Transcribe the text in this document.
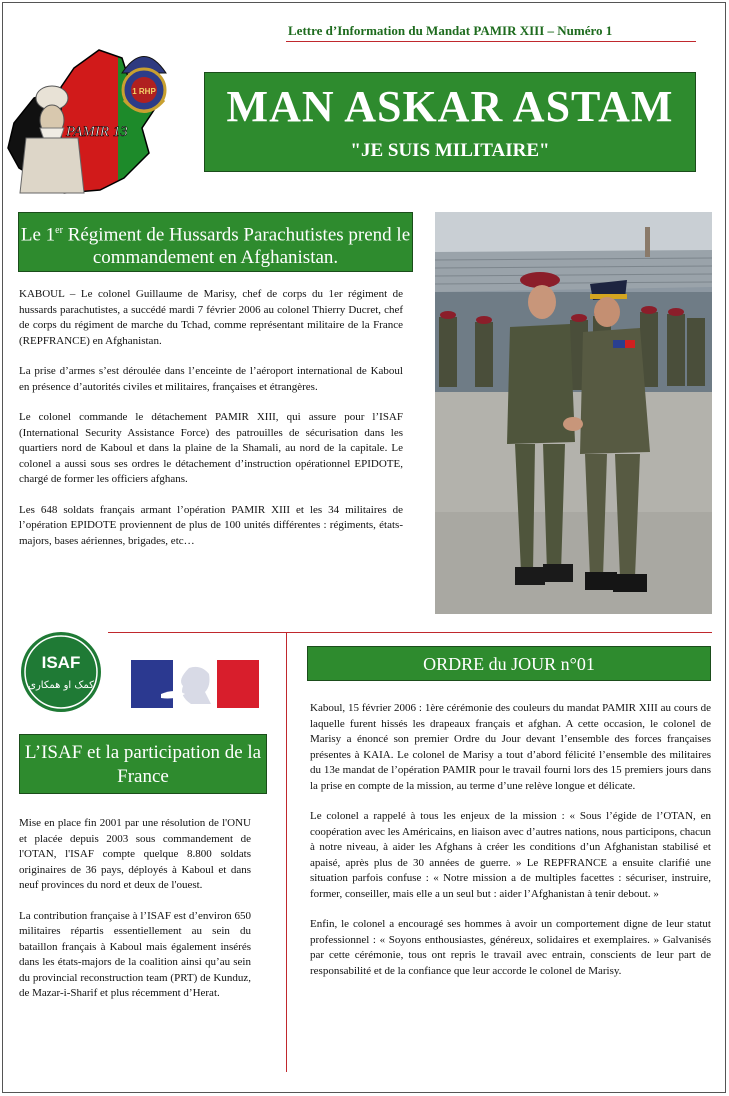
Lettre d’Information du Mandat PAMIR XIII – Numéro 1
PAMIR 13
1 RHP	MAN ASKAR ASTAM
"JE SUIS MILITAIRE"
Le 1er Régiment de Hussards Parachutistes prend le commandement en Afghanistan.

KABOUL – Le colonel Guillaume de Marisy, chef de corps du 1er régiment de hussards parachutistes, a succédé mardi 7 février 2006 au colonel Thierry Ducret, chef de corps du régiment de marche du Tchad, comme représentant militaire de la France (REPFRANCE) en Afghanistan.

La prise d’armes s’est déroulée dans l’enceinte de l’aéroport international de Kaboul en présence d’autorités civiles et militaires, françaises et étrangères.

Le colonel commande le détachement PAMIR XIII, qui assure pour l’ISAF (International Security Assistance Force) des patrouilles de sécurisation dans les quartiers nord de Kaboul et dans la plaine de la Shamali, au nord de la capitale. Le colonel a aussi sous ses ordres le détachement d’instruction opérationnel EPIDOTE, chargé de former les officiers afghans.

Les 648 soldats français armant l’opération PAMIR XIII et les 34 militaires de l’opération EPIDOTE proviennent de plus de 100 unités différentes : régiments, états-majors, bases aériennes, brigades, etc…

ISAF
کمک او همکاری
L’ISAF et la participation de la France

Mise en place fin 2001 par une résolution de l'ONU et placée depuis 2003 sous commandement de l'OTAN, l'ISAF compte quelque 8.800 soldats originaires de 36 pays, déployés à Kaboul et dans neuf provinces du nord et deux de l'ouest.

La contribution française à l’ISAF est d’environ 650 militaires répartis essentiellement au sein du bataillon français à Kaboul mais également insérés dans les états-majors de la coalition ainsi qu’au sein du provincial reconstruction team (PRT) de Kunduz, de Mazar-i-Sharif et plus récemment d’Herat.

ORDRE du JOUR n°01

Kaboul, 15 février 2006 : 1ère cérémonie des couleurs du mandat PAMIR XIII au cours de laquelle furent hissés les drapeaux français et afghan. A cette occasion, le colonel de Marisy a énoncé son premier Ordre du Jour devant l’ensemble des forces françaises présentes à KAIA. Le colonel de Marisy a tout d’abord félicité l’ensemble des militaires du 13e mandat de l’opération PAMIR pour le travail fourni lors des 15 premiers jours dans la prise en compte de la mission, au terme d’une relève longue et délicate.

Le colonel a rappelé à tous les enjeux de la mission : « Sous l’égide de l’OTAN, en coopération avec les Américains, en liaison avec d’autres nations, nous participons, chacun à notre niveau, à aider les Afghans à créer les conditions d’un Afghanistan stabilisé et apaisé, après plus de 30 années de guerre. » Le REPFRANCE a ensuite clarifié une situation parfois confuse : « Notre mission a de multiples facettes : sécuriser, instruire, former, conseiller, mais elle a un seul but : aider l’Afghanistan à tenir debout. »

Enfin, le colonel a encouragé ses hommes à avoir un comportement digne de leur statut professionnel : « Soyons enthousiastes, généreux, solidaires et exemplaires. » Galvanisés par cette cérémonie, tous ont repris le travail avec entrain, conscients de leur part de responsabilité et de la confiance que leur accorde le colonel de Marisy.
